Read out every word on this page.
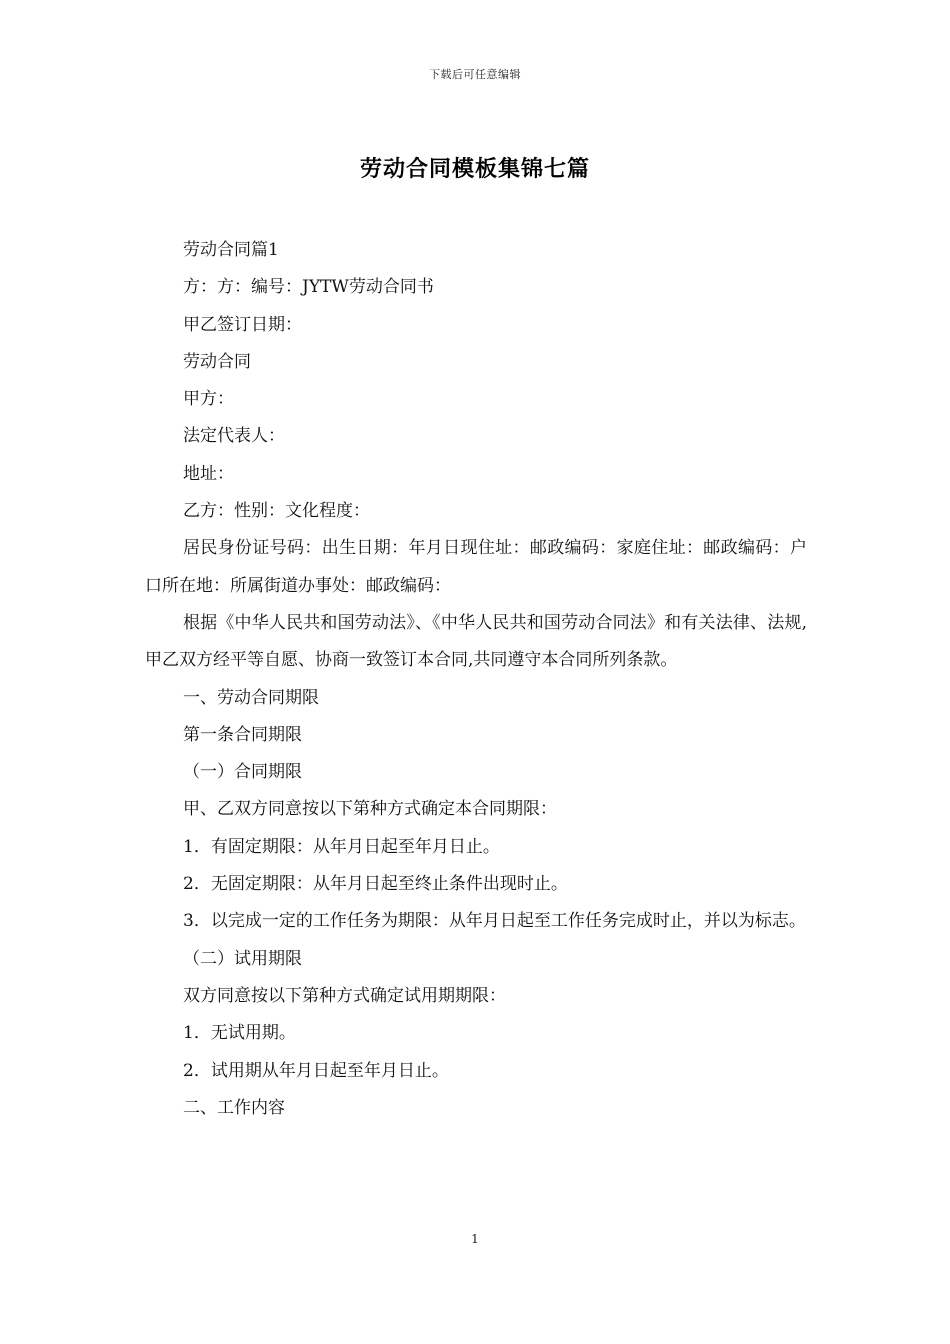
下载后可任意编辑
劳动合同模板集锦七篇

劳动合同篇1

方：方：编号：JYTW劳动合同书

甲乙签订日期：

劳动合同

甲方：

法定代表人：

地址：

乙方：性别：文化程度：

居民身份证号码：出生日期：年月日现住址：邮政编码：家庭住址：邮政编码：户口所在地：所属街道办事处：邮政编码：

根据《中华人民共和国劳动法》、《中华人民共和国劳动合同法》和有关法律、法规,甲乙双方经平等自愿、协商一致签订本合同,共同遵守本合同所列条款。

一、劳动合同期限

第一条合同期限

（一）合同期限

甲、乙双方同意按以下第种方式确定本合同期限：

1．有固定期限：从年月日起至年月日止。

2．无固定期限：从年月日起至终止条件出现时止。

3．以完成一定的工作任务为期限：从年月日起至工作任务完成时止，并以为标志。

（二）试用期限

双方同意按以下第种方式确定试用期期限：

1．无试用期。

2．试用期从年月日起至年月日止。

二、工作内容

1
